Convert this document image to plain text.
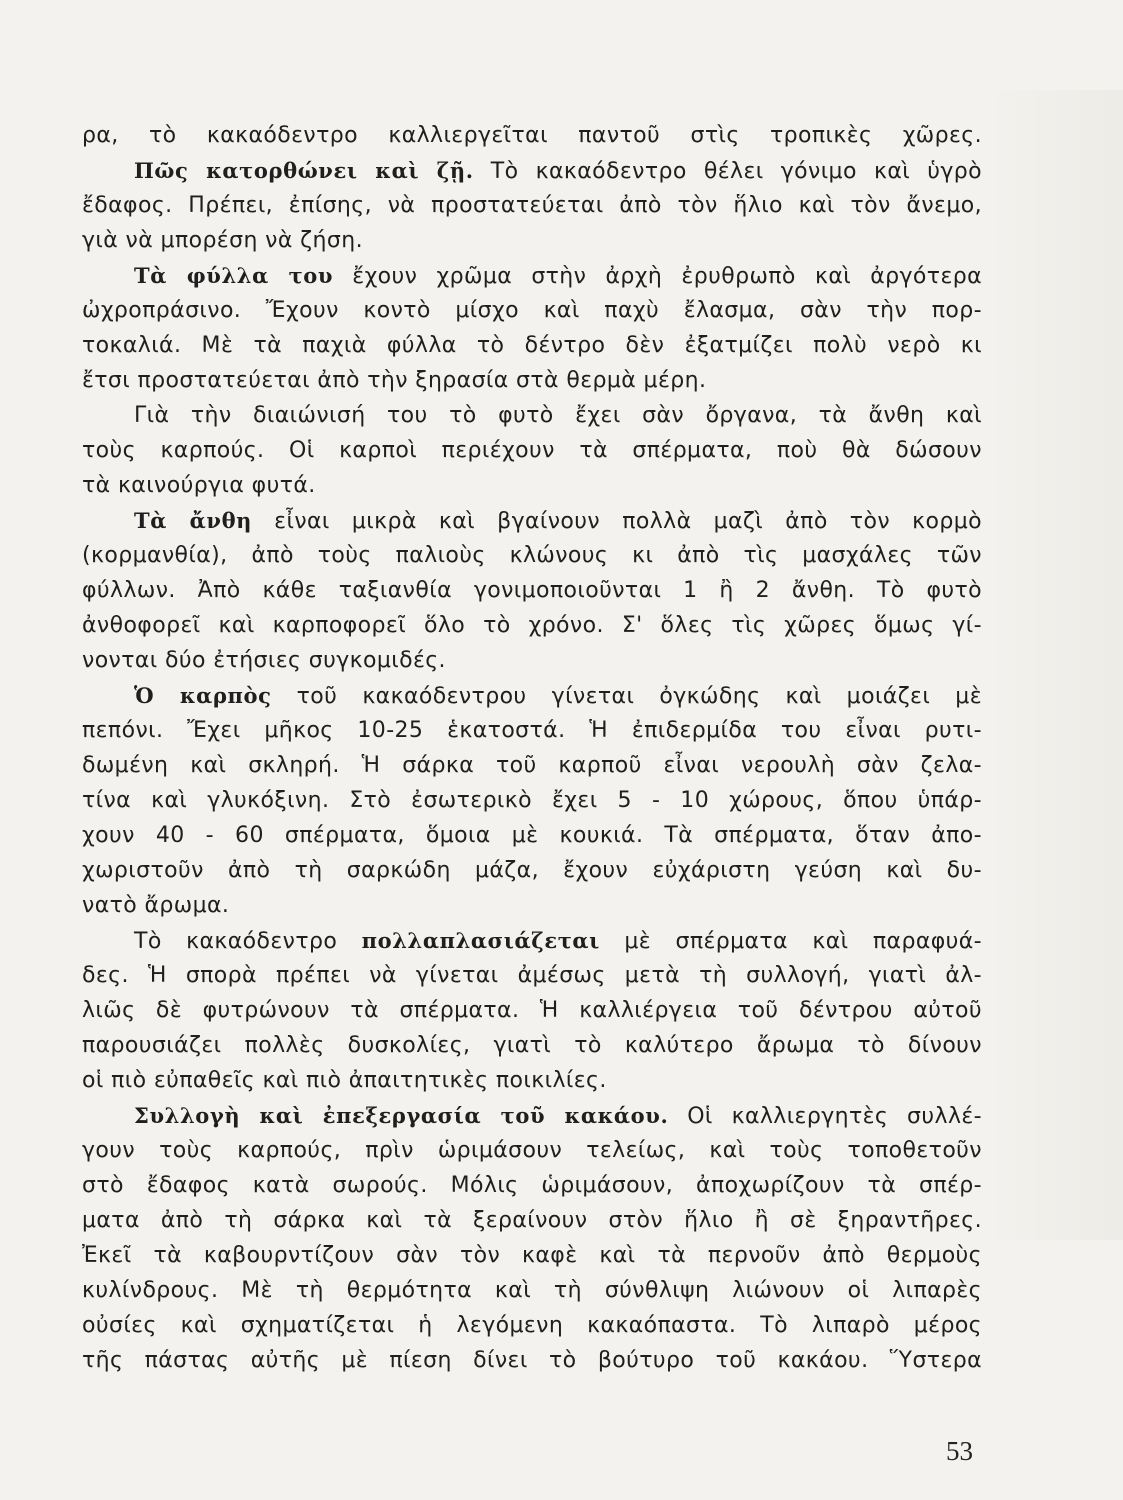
ρα, τὸ κακαόδεντρο καλλιεργεῖται παντοῦ στὶς τροπικὲς χῶρες.
Πῶς κατορθώνει καὶ ζῇ. Τὸ κακαόδεντρο θέλει γόνιμο καὶ ὑγρὸ
ἔδαφος. Πρέπει, ἐπίσης, νὰ προστατεύεται ἀπὸ τὸν ἥλιο καὶ τὸν ἄνεμο,
γιὰ νὰ μπορέση νὰ ζήση.
Τὰ φύλλα του ἔχουν χρῶμα στὴν ἀρχὴ ἐρυθρωπὸ καὶ ἀργότερα
ὠχροπράσινο. Ἔχουν κοντὸ μίσχο καὶ παχὺ ἔλασμα, σὰν τὴν πορ-
τοκαλιά. Μὲ τὰ παχιὰ φύλλα τὸ δέντρο δὲν ἐξατμίζει πολὺ νερὸ κι
ἔτσι προστατεύεται ἀπὸ τὴν ξηρασία στὰ θερμὰ μέρη.
Γιὰ τὴν διαιώνισή του τὸ φυτὸ ἔχει σὰν ὄργανα, τὰ ἄνθη καὶ
τοὺς καρπούς. Οἱ καρποὶ περιέχουν τὰ σπέρματα, ποὺ θὰ δώσουν
τὰ καινούργια φυτά.
Τὰ ἄνθη εἶναι μικρὰ καὶ βγαίνουν πολλὰ μαζὶ ἀπὸ τὸν κορμὸ
(κορμανθία), ἀπὸ τοὺς παλιοὺς κλώνους κι ἀπὸ τὶς μασχάλες τῶν
φύλλων. Ἀπὸ κάθε ταξιανθία γονιμοποιοῦνται 1 ἢ 2 ἄνθη. Τὸ φυτὸ
ἀνθοφορεῖ καὶ καρποφορεῖ ὅλο τὸ χρόνο. Σ' ὅλες τὶς χῶρες ὅμως γί-
νονται δύο ἐτήσιες συγκομιδές.
Ὁ καρπὸς τοῦ κακαόδεντρου γίνεται ὀγκώδης καὶ μοιάζει μὲ
πεπόνι. Ἔχει μῆκος 10-25 ἑκατοστά. Ἡ ἐπιδερμίδα του εἶναι ρυτι-
δωμένη καὶ σκληρή. Ἡ σάρκα τοῦ καρποῦ εἶναι νερουλὴ σὰν ζελα-
τίνα καὶ γλυκόξινη. Στὸ ἐσωτερικὸ ἔχει 5 - 10 χώρους, ὅπου ὑπάρ-
χουν 40 - 60 σπέρματα, ὅμοια μὲ κουκιά. Τὰ σπέρματα, ὅταν ἀπο-
χωριστοῦν ἀπὸ τὴ σαρκώδη μάζα, ἔχουν εὐχάριστη γεύση καὶ δυ-
νατὸ ἄρωμα.
Τὸ κακαόδεντρο πολλαπλασιάζεται μὲ σπέρματα καὶ παραφυά-
δες. Ἡ σπορὰ πρέπει νὰ γίνεται ἀμέσως μετὰ τὴ συλλογή, γιατὶ ἀλ-
λιῶς δὲ φυτρώνουν τὰ σπέρματα. Ἡ καλλιέργεια τοῦ δέντρου αὐτοῦ
παρουσιάζει πολλὲς δυσκολίες, γιατὶ τὸ καλύτερο ἄρωμα τὸ δίνουν
οἱ πιὸ εὐπαθεῖς καὶ πιὸ ἀπαιτητικὲς ποικιλίες.
Συλλογὴ καὶ ἐπεξεργασία τοῦ κακάου. Οἱ καλλιεργητὲς συλλέ-
γουν τοὺς καρπούς, πρὶν ὡριμάσουν τελείως, καὶ τοὺς τοποθετοῦν
στὸ ἔδαφος κατὰ σωρούς. Μόλις ὡριμάσουν, ἀποχωρίζουν τὰ σπέρ-
ματα ἀπὸ τὴ σάρκα καὶ τὰ ξεραίνουν στὸν ἥλιο ἢ σὲ ξηραντῆρες.
Ἐκεῖ τὰ καβουρντίζουν σὰν τὸν καφὲ καὶ τὰ περνοῦν ἀπὸ θερμοὺς
κυλίνδρους. Μὲ τὴ θερμότητα καὶ τὴ σύνθλιψη λιώνουν οἱ λιπαρὲς
οὐσίες καὶ σχηματίζεται ἡ λεγόμενη κακαόπαστα. Τὸ λιπαρὸ μέρος
τῆς πάστας αὐτῆς μὲ πίεση δίνει τὸ βούτυρο τοῦ κακάου. Ὕστερα
53
